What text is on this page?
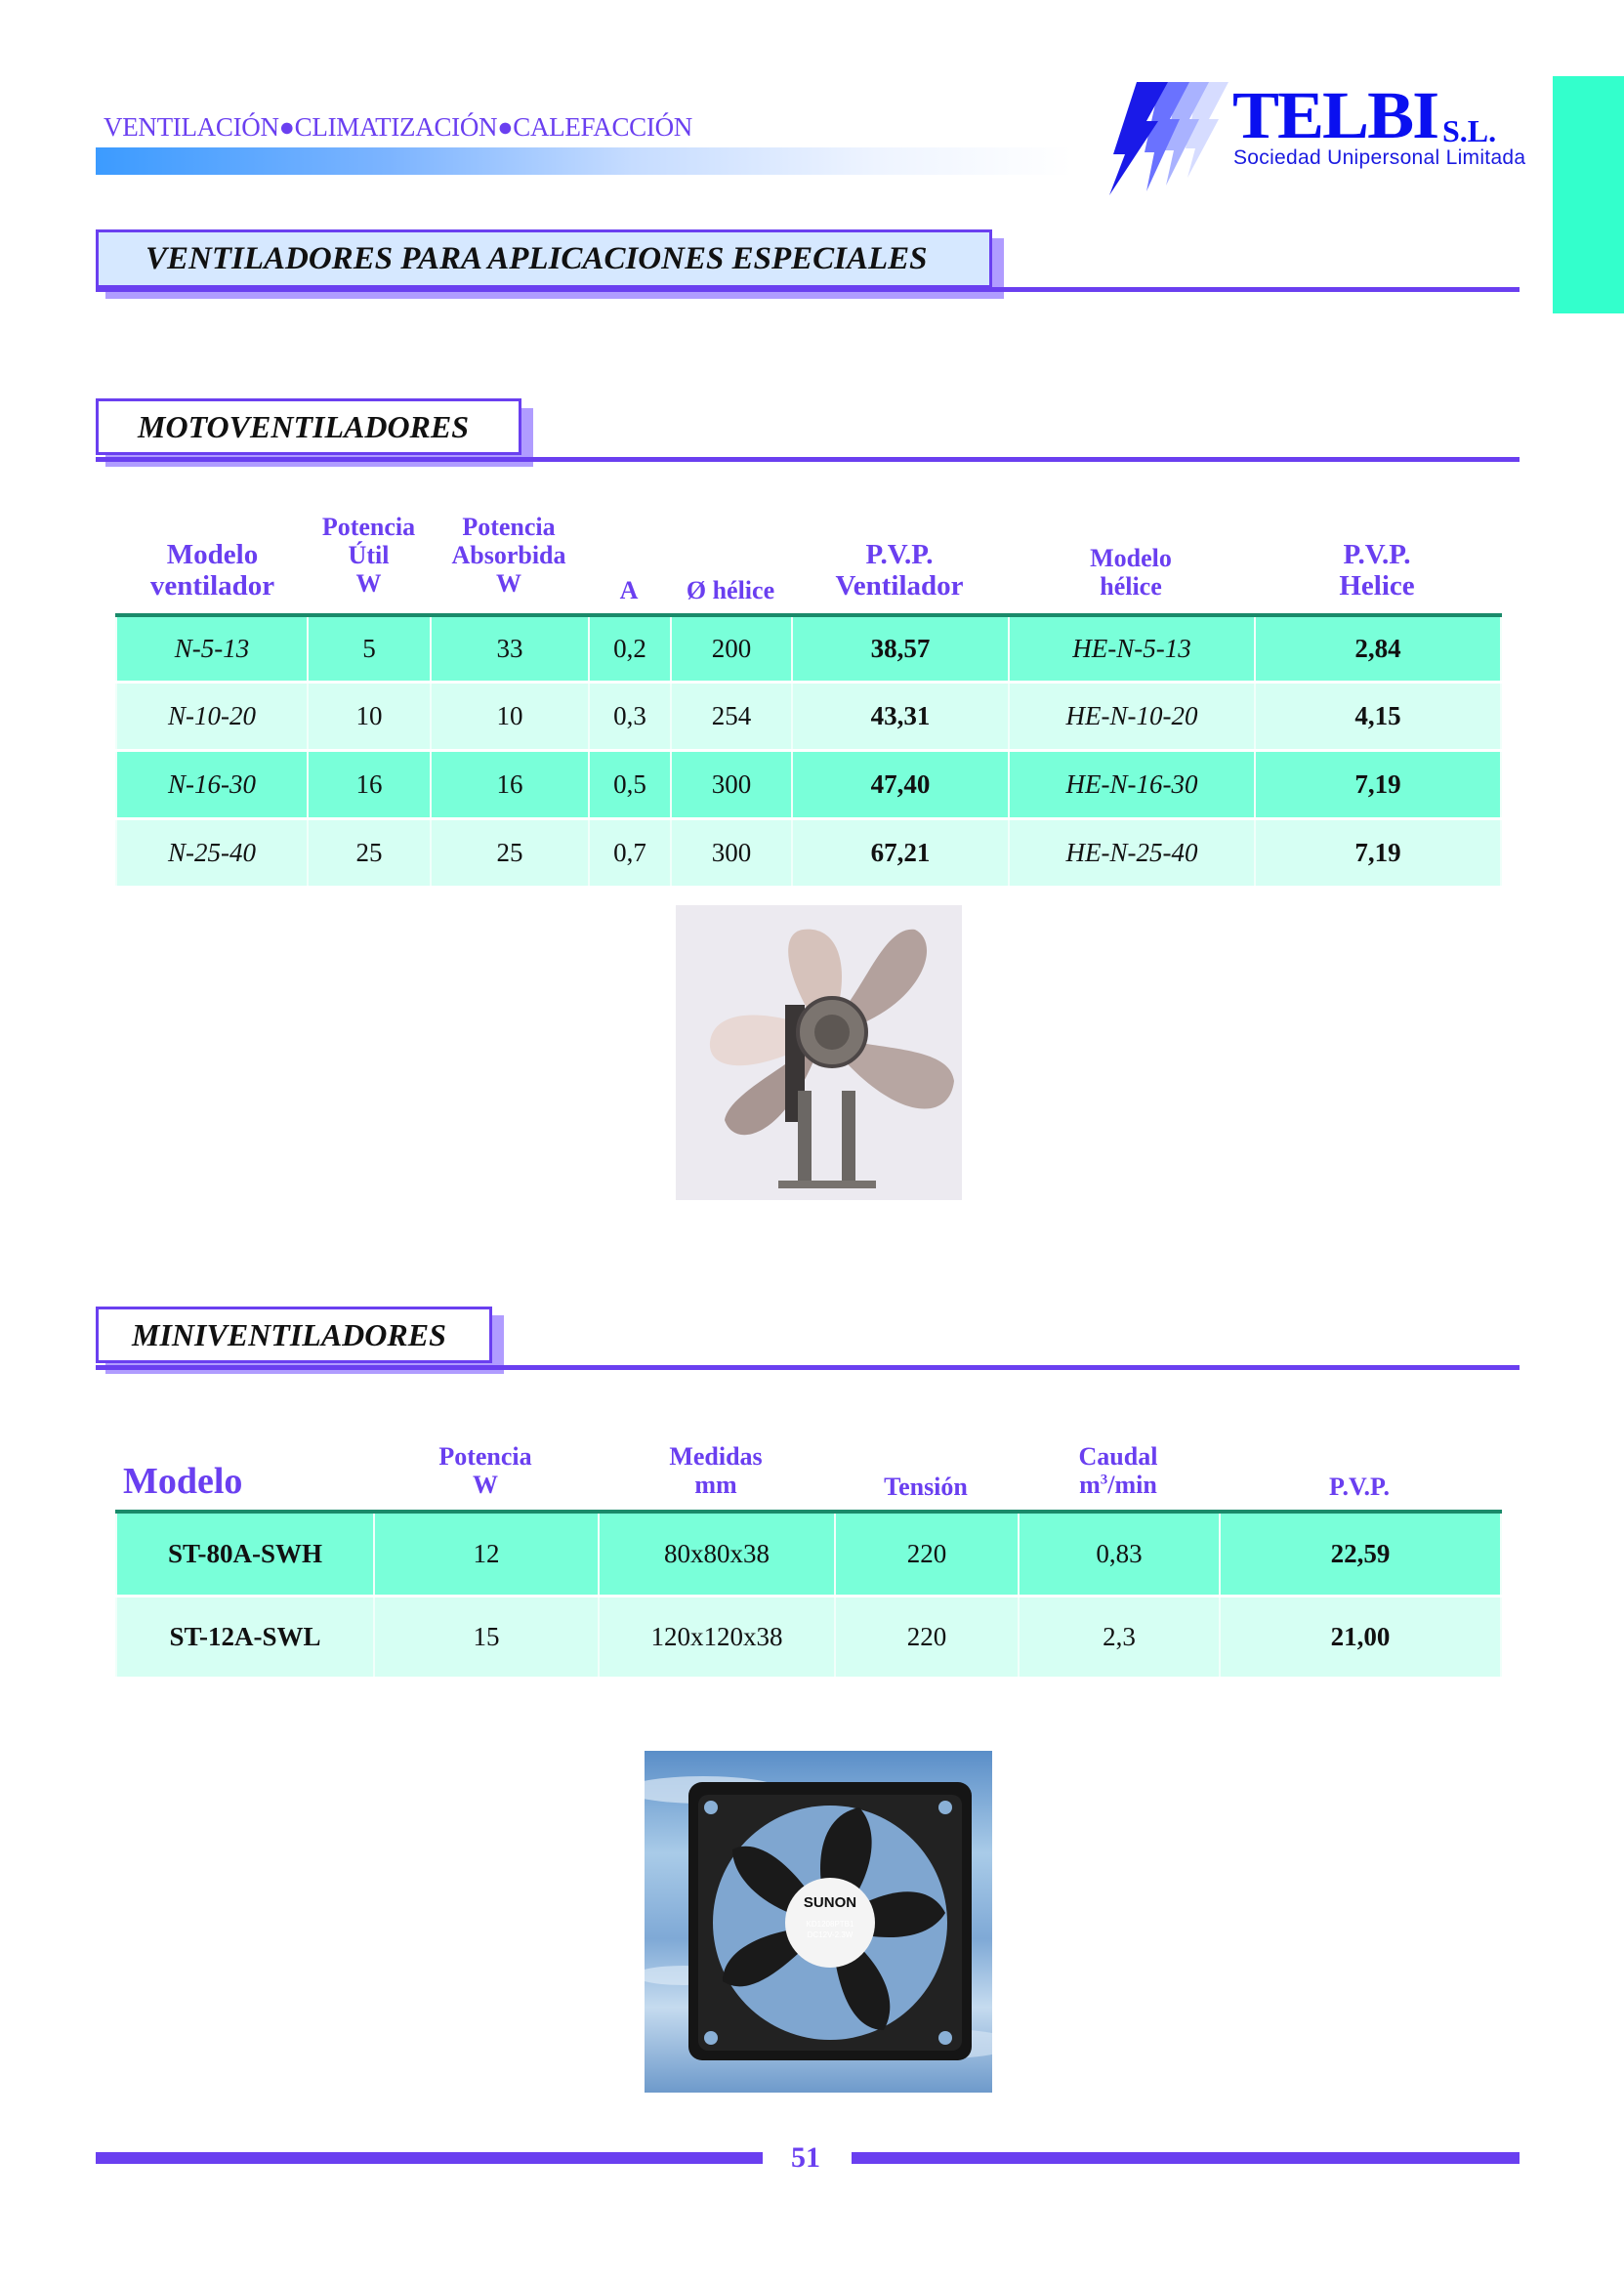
VENTILACIÓN●CLIMATIZACIÓN●CALEFACCIÓN	TELBI S.L.
Sociedad Unipersonal Limitada
VENTILADORES PARA APLICACIONES ESPECIALES
MOTOVENTILADORES
Modelo
ventilador
Potencia
Útil
W
Potencia
Absorbida
W	A	Ø hélice
P.V.P.
Ventilador
Modelo
hélice
P.V.P.
Helice
N-5-13	5	33	0,2	200	38,57	HE-N-5-13	2,84
N-10-20	10	10	0,3	254	43,31	HE-N-10-20	4,15
N-16-30	16	16	0,5	300	47,40	HE-N-16-30	7,19
N-25-40	25	25	0,7	300	67,21	HE-N-25-40	7,19
MINIVENTILADORES
Modelo
Potencia
W
Medidas
mm	Tensión
Caudal
$m^3/\min$	P.V.P.
ST-80A-SWH	12	80x80x38	220	0,83	22,59
ST-12A-SWL	15	120x120x38	220	2,3	21,00
SUNON
KD1208PTB1
DC12V-2.3W
51
